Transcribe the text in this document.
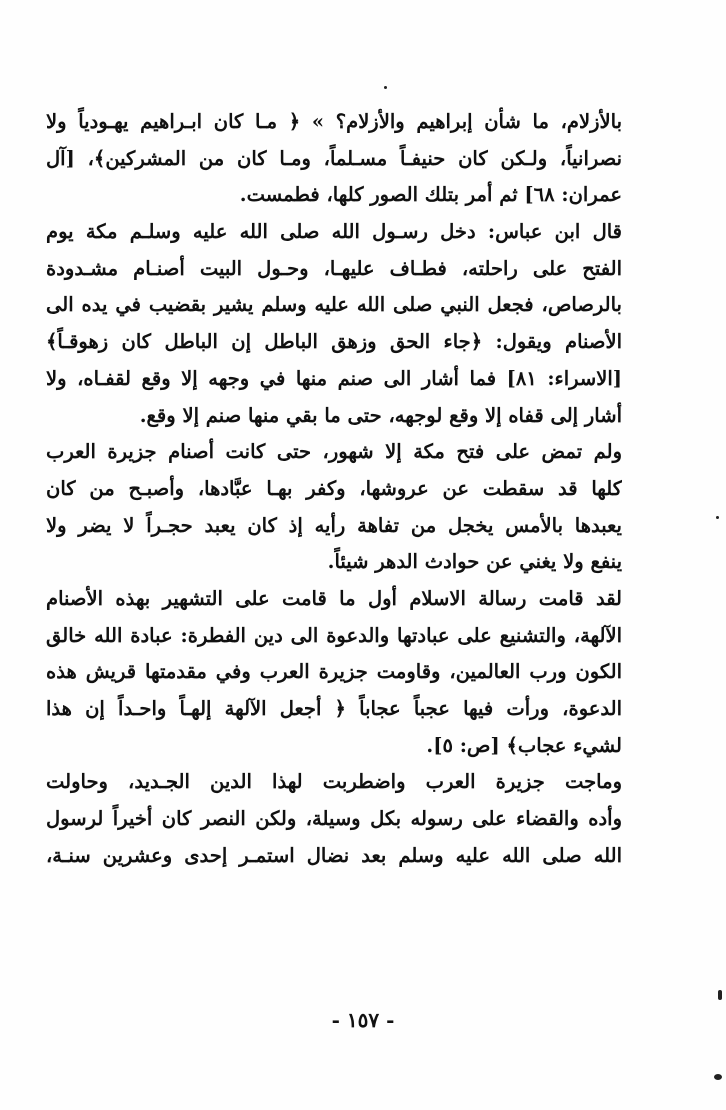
بالأزلام، ما شأن إبراهيم والأزلام؟ » ﴿ مـا كان ابـراهيم يهـودياً ولا
نصرانياً، ولـكن كان حنيفـاً مسـلماً، ومـا كان من المشركين﴾، [آل
عمران: ٦٨] ثم أمر بتلك الصور كلها، فطمست.
قال ابن عباس: دخل رسـول الله صلى الله عليه وسلـم مكة يوم
الفتح على راحلته، فطـاف عليهـا، وحـول البيت أصنـام مشـدودة
بالرصاص، فجعل النبي صلى الله عليه وسلم يشير بقضيب في يده الى
الأصنام ويقول: ﴿جاء الحق وزهق الباطل إن الباطل كان زهوقـاً﴾
[الاسراء: ٨١] فما أشار الى صنم منها في وجهه إلا وقع لقفـاه، ولا
أشار إلى قفاه إلا وقع لوجهه، حتى ما بقي منها صنم إلا وقع.
ولم تمض على فتح مكة إلا شهور، حتى كانت أصنام جزيرة العرب
كلها قد سقطت عن عروشها، وكفر بهـا عبَّادها، وأصبـح من كان
يعبدها بالأمس يخجل من تفاهة رأيه إذ كان يعبد حجـراً لا يضر ولا
ينفع ولا يغني عن حوادث الدهر شيئاً.
لقد قامت رسالة الاسلام أول ما قامت على التشهير بهذه الأصنام
الآلهة، والتشنيع على عبادتها والدعوة الى دين الفطرة: عبادة الله خالق
الكون ورب العالمين، وقاومت جزيرة العرب وفي مقدمتها قريش هذه
الدعوة، ورأت فيها عجباً عجاباً ﴿ أجعل الآلهة إلهـاً واحـداً إن هذا
لشيء عجاب﴾ [ص: ٥].
وماجت جزيرة العرب واضطربت لهذا الدين الجـديد، وحاولت
وأده والقضاء على رسوله بكل وسيلة، ولكن النصر كان أخيراً لرسول
الله صلى الله عليه وسلم بعد نضال استمـر إحدى وعشرين سنـة،
- ١٥٧ -
